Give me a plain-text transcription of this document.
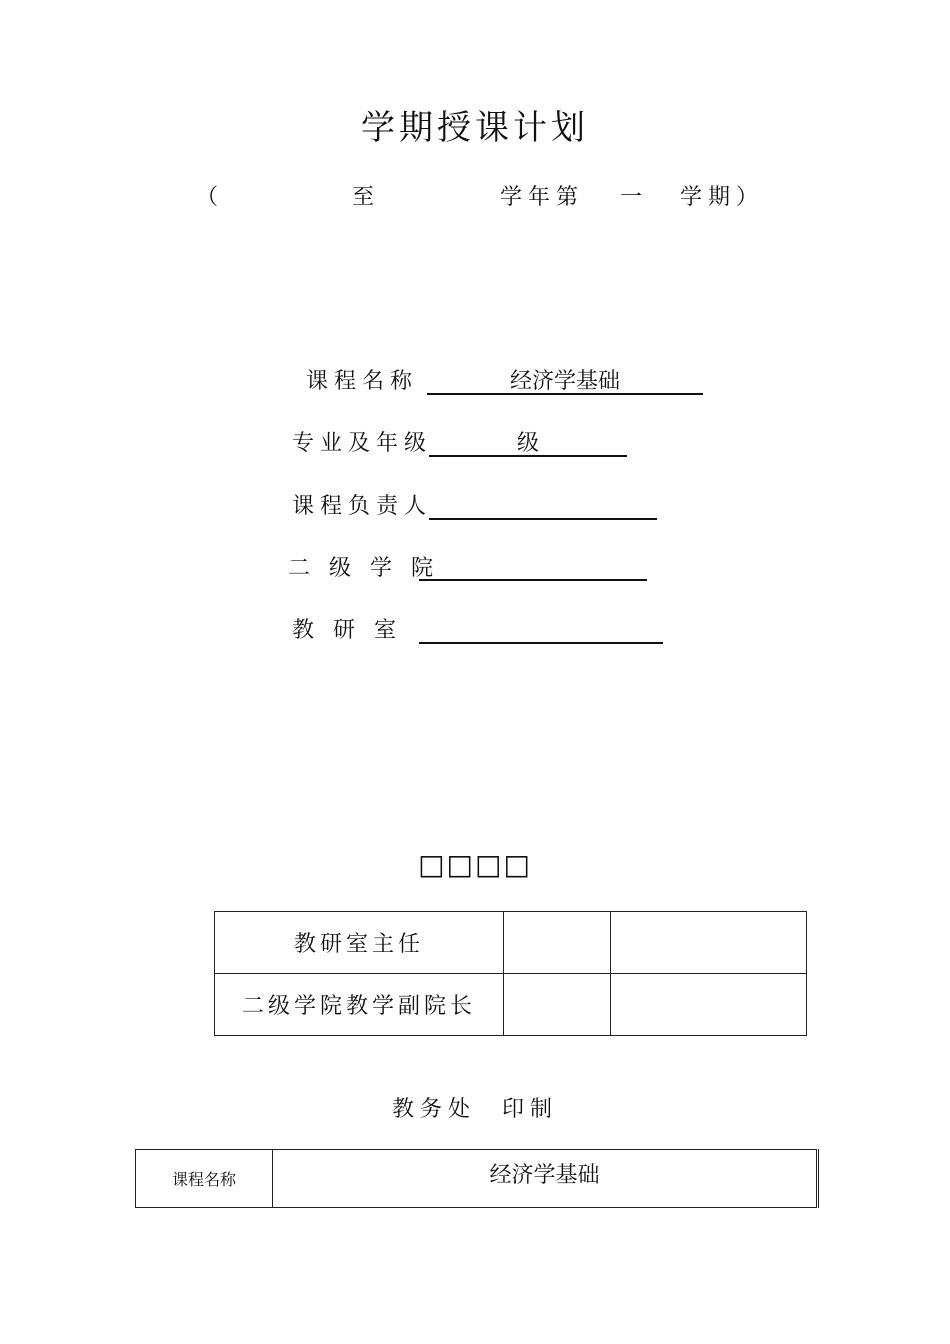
学期授课计划
（	至	学年第 一 学期）
课程名称	经济学基础
专业及年级	级
课程负责人
二 级 学 院
教 研 室
□□□□
教研室主任		
二级学院教学副院长		
教务处 印制
课程名称	经济学基础
